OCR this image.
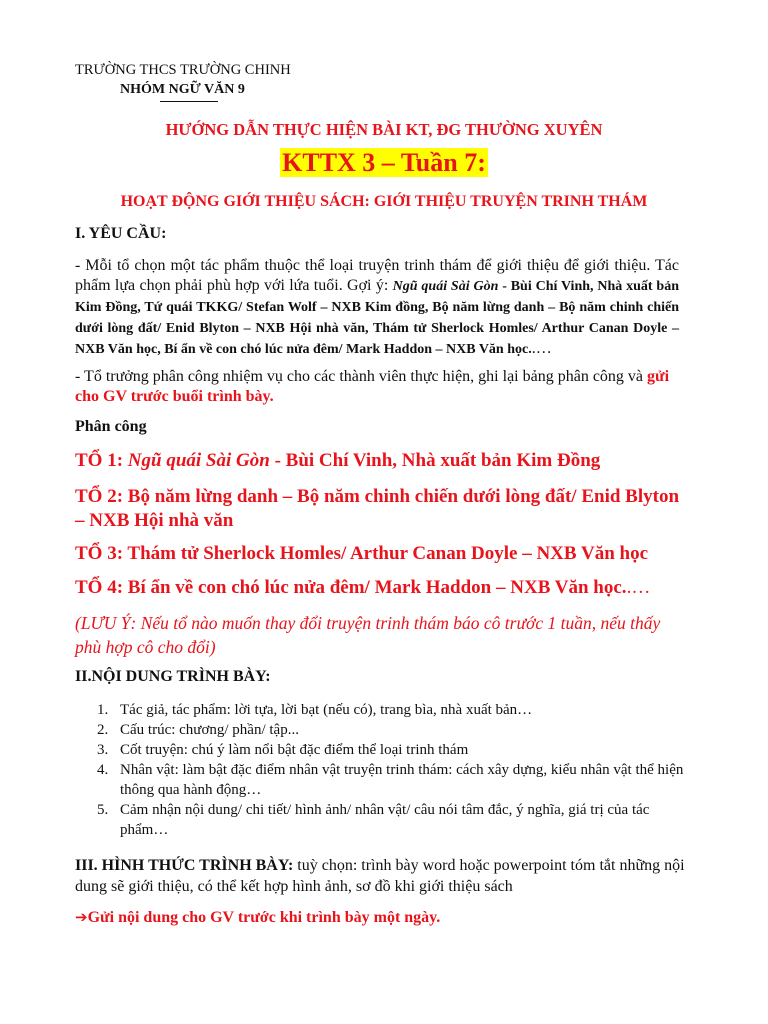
TRƯỜNG THCS TRƯỜNG CHINH

NHÓM NGỮ VĂN 9

HƯỚNG DẪN THỰC HIỆN BÀI KT, ĐG THƯỜNG XUYÊN

KTTX 3 – Tuần 7:

HOẠT ĐỘNG GIỚI THIỆU SÁCH: GIỚI THIỆU TRUYỆN TRINH THÁM

I. YÊU CẦU:

- Mỗi tổ chọn một tác phẩm thuộc thể loại truyện trinh thám để giới thiệu để giới thiệu. Tác phẩm lựa chọn phải phù hợp với lứa tuổi. Gợi ý: Ngũ quái Sài Gòn - Bùi Chí Vinh, Nhà xuất bản Kim Đồng, Tứ quái TKKG/ Stefan Wolf – NXB Kim đồng, Bộ năm lừng danh – Bộ năm chinh chiến dưới lòng đất/ Enid Blyton – NXB Hội nhà văn, Thám tử Sherlock Homles/ Arthur Canan Doyle – NXB Văn học, Bí ẩn về con chó lúc nửa đêm/ Mark Haddon – NXB Văn học..…

- Tổ trưởng phân công nhiệm vụ cho các thành viên thực hiện, ghi lại bảng phân công và gửi cho GV trước buổi trình bày.

Phân công

TỔ 1: Ngũ quái Sài Gòn - Bùi Chí Vinh, Nhà xuất bản Kim Đồng

TỔ 2: Bộ năm lừng danh – Bộ năm chinh chiến dưới lòng đất/ Enid Blyton – NXB Hội nhà văn

TỔ 3: Thám tử Sherlock Homles/ Arthur Canan Doyle – NXB Văn học

TỔ 4: Bí ẩn về con chó lúc nửa đêm/ Mark Haddon – NXB Văn học..…

(LƯU Ý: Nếu tổ nào muốn thay đổi truyện trinh thám báo cô trước 1 tuần, nếu thấy phù hợp cô cho đổi)

II.NỘI DUNG TRÌNH BÀY:

1. Tác giả, tác phẩm: lời tựa, lời bạt (nếu có), trang bìa, nhà xuất bản…
2. Cấu trúc: chương/ phần/ tập...
3. Cốt truyện: chú ý làm nổi bật đặc điểm thể loại trinh thám
4. Nhân vật: làm bật đặc điểm nhân vật truyện trinh thám: cách xây dựng, kiểu nhân vật thể hiện thông qua hành động…
5. Cảm nhận nội dung/ chi tiết/ hình ảnh/ nhân vật/ câu nói tâm đắc, ý nghĩa, giá trị của tác phẩm…

III. HÌNH THỨC TRÌNH BÀY: tuỳ chọn: trình bày word hoặc powerpoint tóm tắt những nội dung sẽ giới thiệu, có thể kết hợp hình ảnh, sơ đồ khi giới thiệu sách

➔Gửi nội dung cho GV trước khi trình bày một ngày.
